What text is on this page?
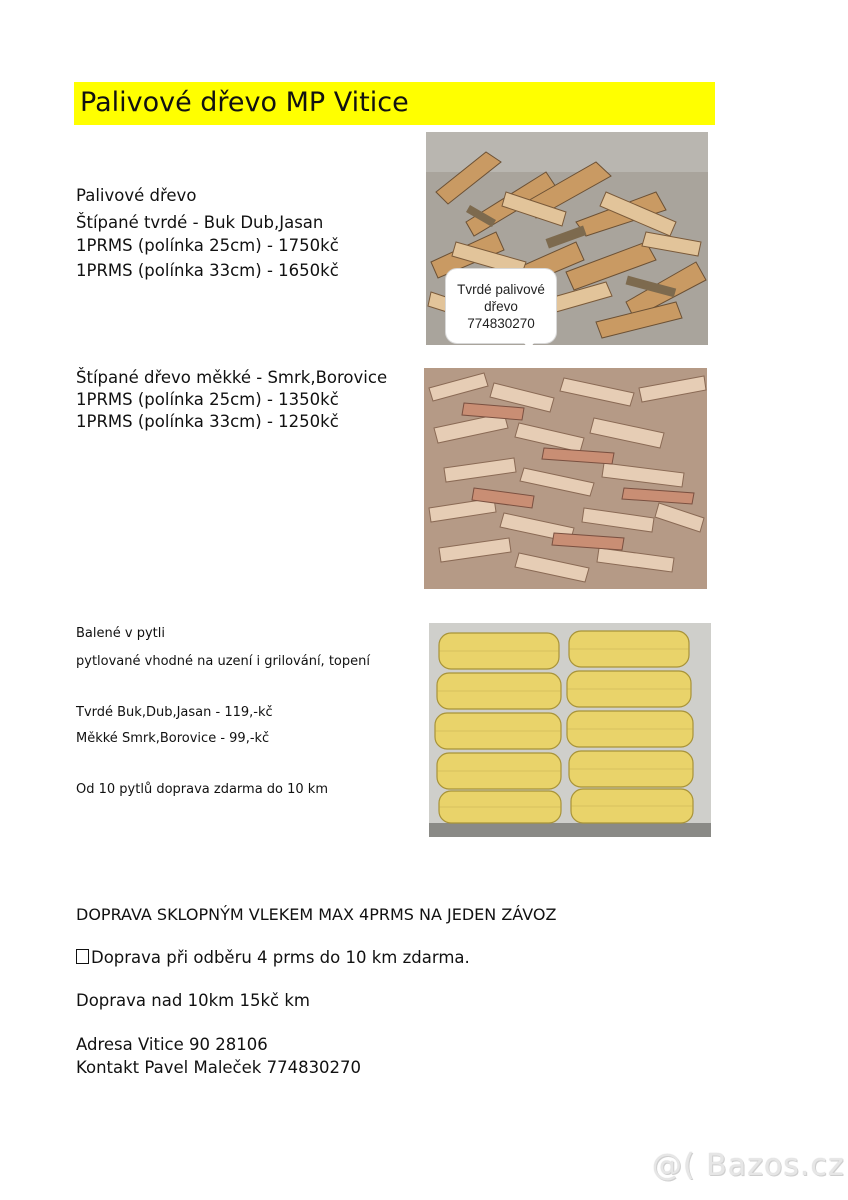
Palivové dřevo MP Vitice
Palivové dřevo
Štípané tvrdé - Buk Dub,Jasan
1PRMS (polínka 25cm) - 1750kč
1PRMS (polínka 33cm) - 1650kč
Tvrdé palivové
dřevo
774830270
Štípané dřevo měkké - Smrk,Borovice
1PRMS (polínka 25cm) - 1350kč
1PRMS (polínka 33cm) - 1250kč
Balené v pytli
pytlované vhodné na uzení i grilování, topení
Tvrdé Buk,Dub,Jasan - 119,-kč
Měkké Smrk,Borovice - 99,-kč
Od 10 pytlů doprava zdarma do 10 km
DOPRAVA SKLOPNÝM VLEKEM MAX 4PRMS NA JEDEN ZÁVOZ
Doprava při odběru 4 prms do 10 km zdarma.
Doprava nad 10km 15kč km
Adresa Vitice 90 28106
Kontakt Pavel Maleček 774830270
@( Bazos.cz
